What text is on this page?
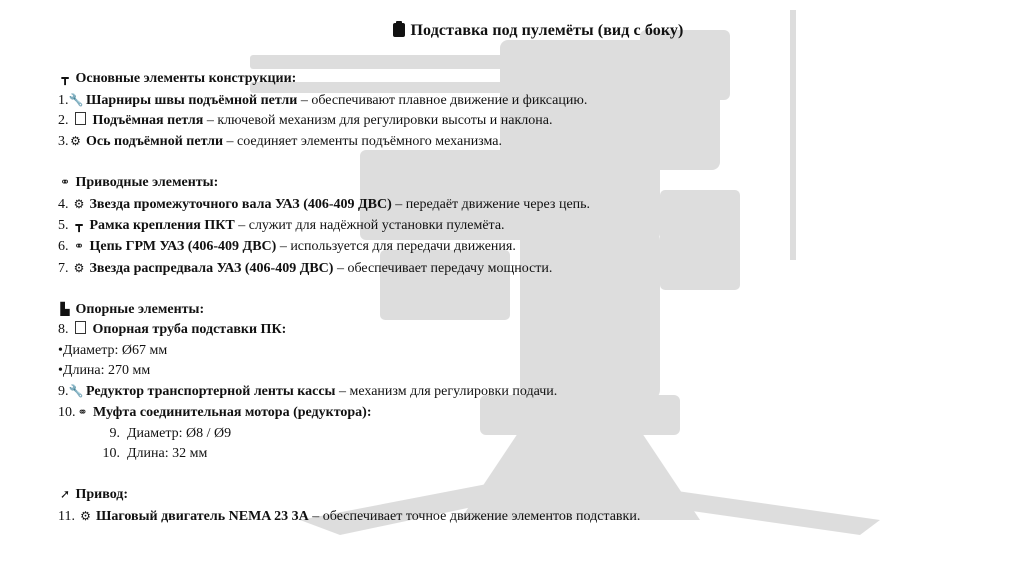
Подставка под пулемёты (вид с боку)
┳ Основные элементы конструкции:
1.🔧 Шарниры швы подъёмной петли – обеспечивают плавное движение и фиксацию.
2. Подъёмная петля – ключевой механизм для регулировки высоты и наклона.
3. ⚙ Ось подъёмной петли – соединяет элементы подъёмного механизма.
⚭ Приводные элементы:
4. ⚙ Звезда промежуточного вала УАЗ (406-409 ДВС) – передаёт движение через цепь.
5. ┳ Рамка крепления ПКТ – служит для надёжной установки пулемёта.
6. ⚭ Цепь ГРМ УАЗ (406-409 ДВС) – используется для передачи движения.
7. ⚙ Звезда распредвала УАЗ (406-409 ДВС) – обеспечивает передачу мощности.
▙ Опорные элементы:
8. Опорная труба подставки ПК:
•Диаметр: Ø67 мм
•Длина: 270 мм
9.🔧 Редуктор транспортерной ленты кассы – механизм для регулировки подачи.
10. ⚭ Муфта соединительная мотора (редуктора):
9. Диаметр: Ø8 / Ø9
10. Длина: 32 мм
➚ Привод:
11. ⚙ Шаговый двигатель NEMA 23 3А – обеспечивает точное движение элементов подставки.
